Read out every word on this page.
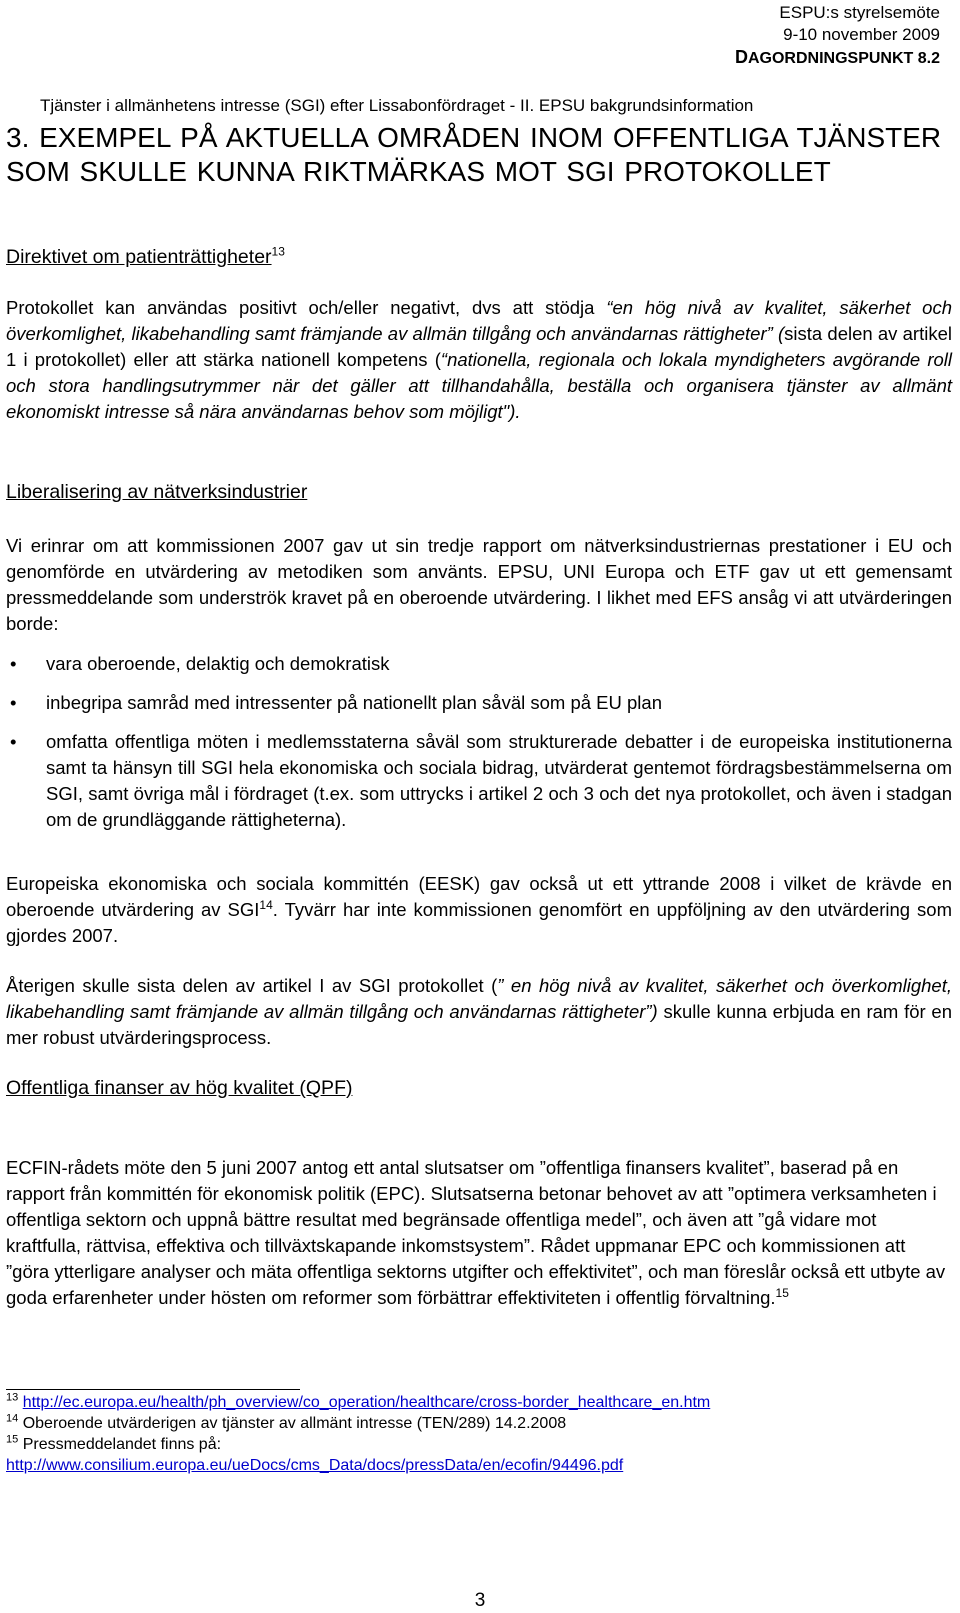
ESPU:s styrelsemöte
9-10 november 2009
DAGORDNINGSPUNKT 8.2
Tjänster i allmänhetens intresse (SGI) efter Lissabonfördraget - II. EPSU bakgrundsinformation
3. EXEMPEL PÅ AKTUELLA OMRÅDEN INOM OFFENTLIGA TJÄNSTER SOM SKULLE KUNNA RIKTMÄRKAS MOT SGI PROTOKOLLET
Direktivet om patienträttigheter$^{13}$
Protokollet kan användas positivt och/eller negativt, dvs att stödja “en hög nivå av kvalitet, säkerhet och överkomlighet, likabehandling samt främjande av allmän tillgång och användarnas rättigheter” (sista delen av artikel 1 i protokollet) eller att stärka nationell kompetens (“nationella, regionala och lokala myndigheters avgörande roll och stora handlingsutrymmer när det gäller att tillhandahålla, beställa och organisera tjänster av allmänt ekonomiskt intresse så nära användarnas behov som möjligt").
Liberalisering av nätverksindustrier
Vi erinrar om att kommissionen 2007 gav ut sin tredje rapport om nätverksindustriernas prestationer i EU och genomförde en utvärdering av metodiken som använts. EPSU, UNI Europa och ETF gav ut ett gemensamt pressmeddelande som underströk kravet på en oberoende utvärdering. I likhet med EFS ansåg vi att utvärderingen borde:
• vara oberoende, delaktig och demokratisk
• inbegripa samråd med intressenter på nationellt plan såväl som på EU plan
• omfatta offentliga möten i medlemsstaterna såväl som strukturerade debatter i de europeiska institutionerna samt ta hänsyn till SGI hela ekonomiska och sociala bidrag, utvärderat gentemot fördragsbestämmelserna om SGI, samt övriga mål i fördraget (t.ex. som uttrycks i artikel 2 och 3 och det nya protokollet, och även i stadgan om de grundläggande rättigheterna).
Europeiska ekonomiska och sociala kommittén (EESK) gav också ut ett yttrande 2008 i vilket de krävde en oberoende utvärdering av SGI$^{14}$. Tyvärr har inte kommissionen genomfört en uppföljning av den utvärdering som gjordes 2007.
Återigen skulle sista delen av artikel I av SGI protokollet (” en hög nivå av kvalitet, säkerhet och överkomlighet, likabehandling samt främjande av allmän tillgång och användarnas rättigheter”) skulle kunna erbjuda en ram för en mer robust utvärderingsprocess.
Offentliga finanser av hög kvalitet (QPF)
ECFIN-rådets möte den 5 juni 2007 antog ett antal slutsatser om ”offentliga finansers kvalitet”, baserad på en rapport från kommittén för ekonomisk politik (EPC). Slutsatserna betonar behovet av att ”optimera verksamheten i offentliga sektorn och uppnå bättre resultat med begränsade offentliga medel”, och även att ”gå vidare mot kraftfulla, rättvisa, effektiva och tillväxtskapande inkomstsystem”. Rådet uppmanar EPC och kommissionen att ”göra ytterligare analyser och mäta offentliga sektorns utgifter och effektivitet”, och man föreslår också ett utbyte av goda erfarenheter under hösten om reformer som förbättrar effektiviteten i offentlig förvaltning.$^{15}$
$^{13}$ http://ec.europa.eu/health/ph_overview/co_operation/healthcare/cross-border_healthcare_en.htm
$^{14}$ Oberoende utvärderigen av tjänster av allmänt intresse (TEN/289) 14.2.2008
$^{15}$ Pressmeddelandet finns på:
http://www.consilium.europa.eu/ueDocs/cms_Data/docs/pressData/en/ecofin/94496.pdf
3
